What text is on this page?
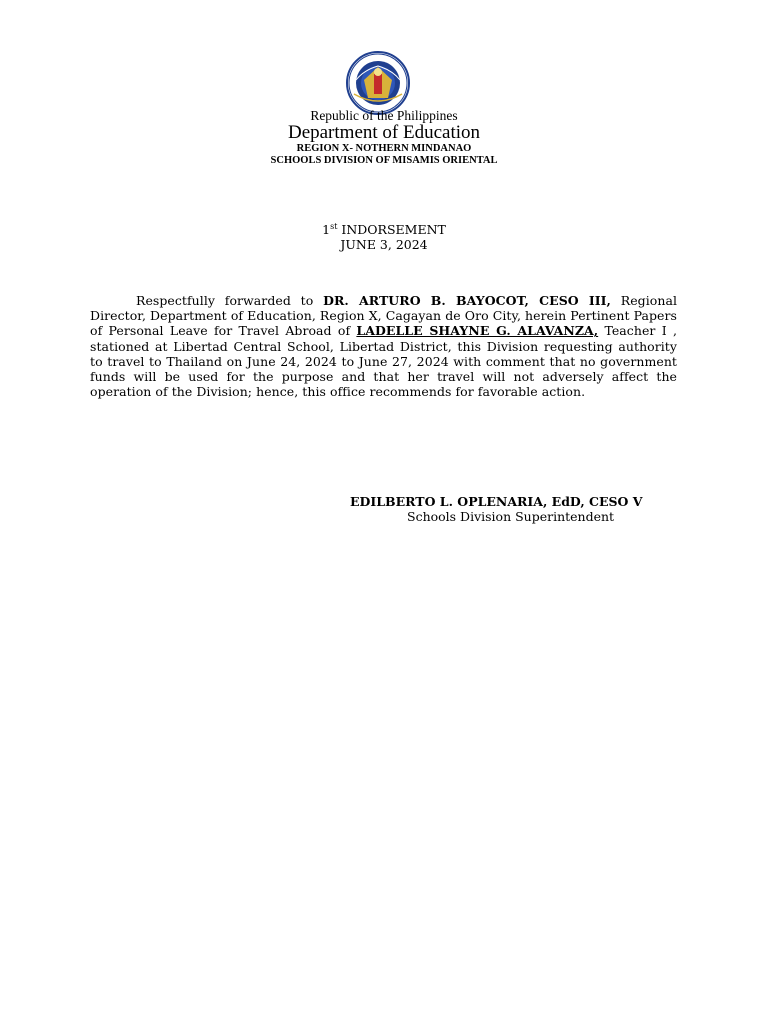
Republic of the Philippines
Department of Education
REGION X- NOTHERN MINDANAO
SCHOOLS DIVISION OF MISAMIS ORIENTAL
1st INDORSEMENT
JUNE 3, 2024
Respectfully forwarded to DR. ARTURO B. BAYOCOT, CESO III, Regional Director, Department of Education, Region X, Cagayan de Oro City, herein Pertinent Papers of Personal Leave for Travel Abroad of LADELLE SHAYNE G. ALAVANZA, Teacher I , stationed at Libertad Central School, Libertad District, this Division requesting authority to travel to Thailand on June 24, 2024 to June 27, 2024 with comment that no government funds will be used for the purpose and that her travel will not adversely affect the operation of the Division; hence, this office recommends for favorable action.
EDILBERTO L. OPLENARIA, EdD, CESO V
Schools Division Superintendent
